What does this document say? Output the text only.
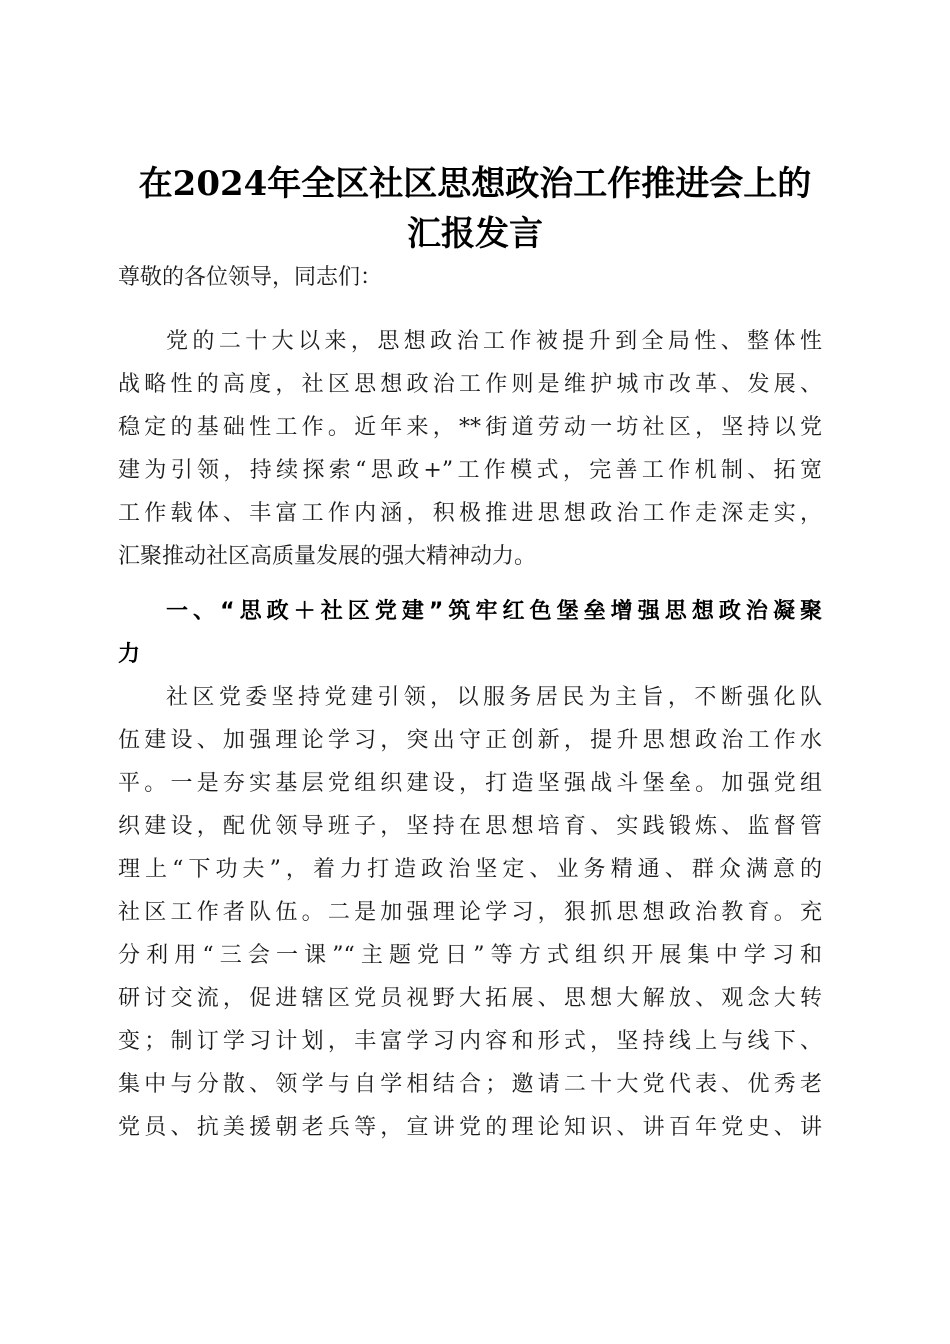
在2024年全区社区思想政治工作推进会上的
汇报发言
尊敬的各位领导，同志们：
党的二十大以来，思想政治工作被提升到全局性、整体性
战略性的高度，社区思想政治工作则是维护城市改革、发展、
稳定的基础性工作。近年来，**街道劳动一坊社区，坚持以党
建为引领，持续探索“思政+”工作模式，完善工作机制、拓宽
工作载体、丰富工作内涵，积极推进思想政治工作走深走实，
汇聚推动社区高质量发展的强大精神动力。
一、“思政＋社区党建”筑牢红色堡垒增强思想政治凝聚
力
社区党委坚持党建引领，以服务居民为主旨，不断强化队
伍建设、加强理论学习，突出守正创新，提升思想政治工作水
平。一是夯实基层党组织建设，打造坚强战斗堡垒。加强党组
织建设，配优领导班子，坚持在思想培育、实践锻炼、监督管
理上“下功夫”，着力打造政治坚定、业务精通、群众满意的
社区工作者队伍。二是加强理论学习，狠抓思想政治教育。充
分利用“三会一课”“主题党日”等方式组织开展集中学习和
研讨交流，促进辖区党员视野大拓展、思想大解放、观念大转
变；制订学习计划，丰富学习内容和形式，坚持线上与线下、
集中与分散、领学与自学相结合；邀请二十大党代表、优秀老
党员、抗美援朝老兵等，宣讲党的理论知识、讲百年党史、讲
